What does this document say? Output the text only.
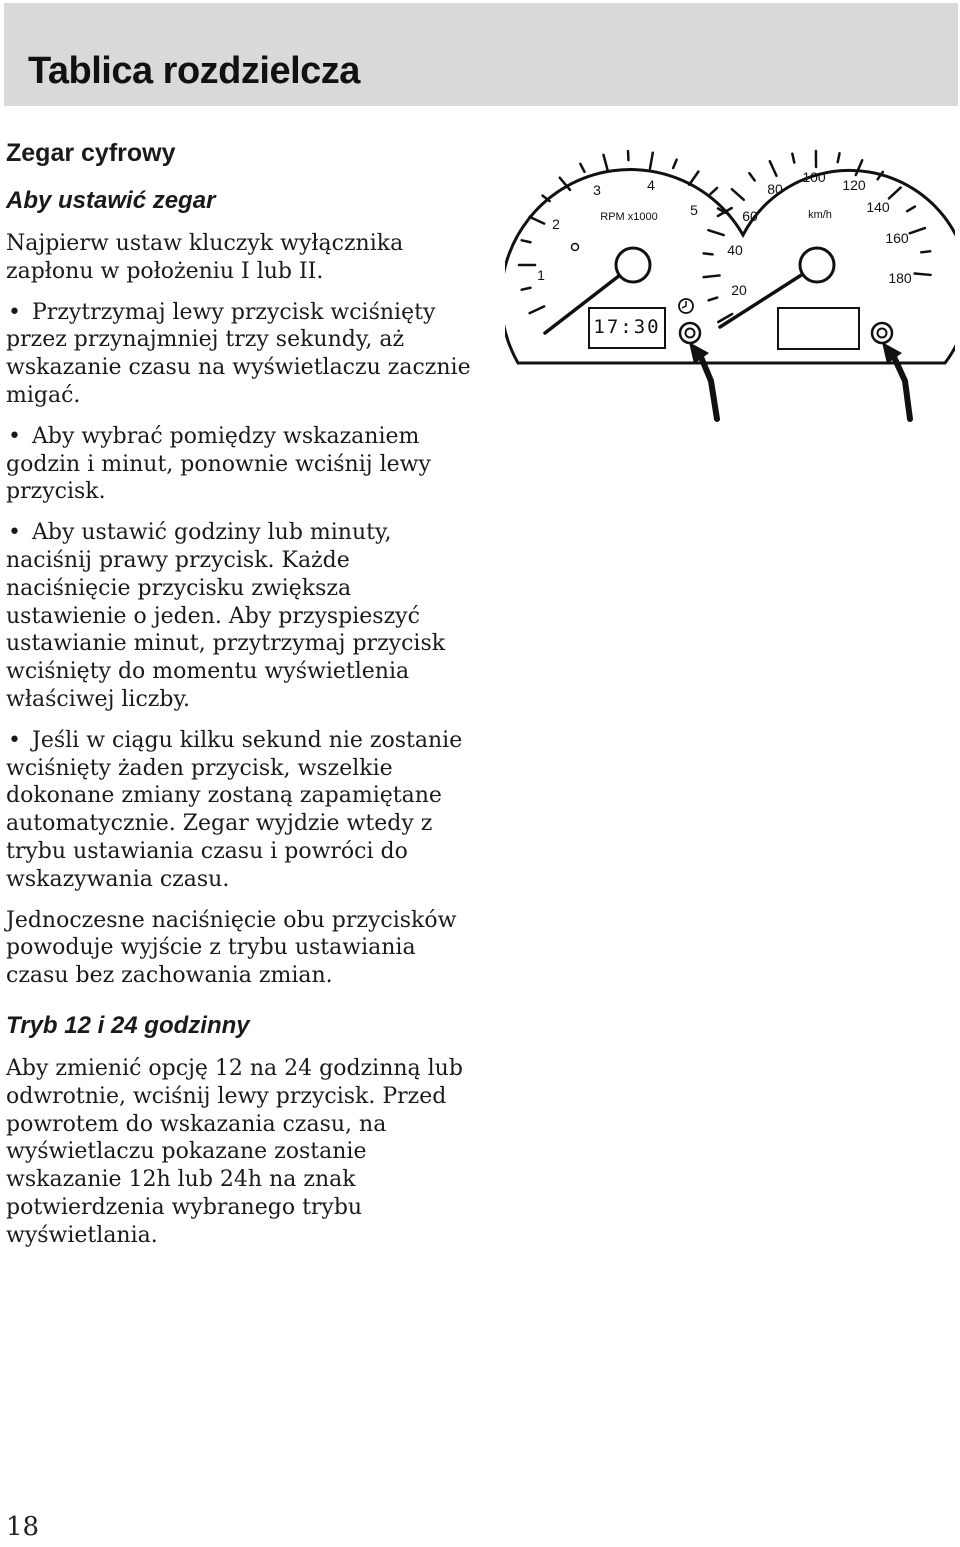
Tablica rozdzielcza
Zegar cyfrowy
Aby ustawić zegar

Najpierw ustaw kluczyk wyłącznika zapłonu w położeniu I lub II.

• Przytrzymaj lewy przycisk wciśnięty przez przynajmniej trzy sekundy, aż wskazanie czasu na wyświetlaczu zacznie migać.

• Aby wybrać pomiędzy wskazaniem godzin i minut, ponownie wciśnij lewy przycisk.

• Aby ustawić godziny lub minuty, naciśnij prawy przycisk. Każde naciśnięcie przycisku zwiększa ustawienie o jeden. Aby przyspieszyć ustawianie minut, przytrzymaj przycisk wciśnięty do momentu wyświetlenia właściwej liczby.

• Jeśli w ciągu kilku sekund nie zostanie wciśnięty żaden przycisk, wszelkie dokonane zmiany zostaną zapamiętane automatycznie. Zegar wyjdzie wtedy z trybu ustawiania czasu i powróci do wskazywania czasu.

Jednoczesne naciśnięcie obu przycisków powoduje wyjście z trybu ustawiania czasu bez zachowania zmian.

Tryb 12 i 24 godzinny

Aby zmienić opcję 12 na 24 godzinną lub odwrotnie, wciśnij lewy przycisk. Przed powrotem do wskazania czasu, na wyświetlaczu pokazane zostanie wskazanie 12h lub 24h na znak potwierdzenia wybranego trybu wyświetlania.

1
2
3	4
5
RPM x1000
20
40
60
80
100 120
140
160
180
km/h
17:30
18
